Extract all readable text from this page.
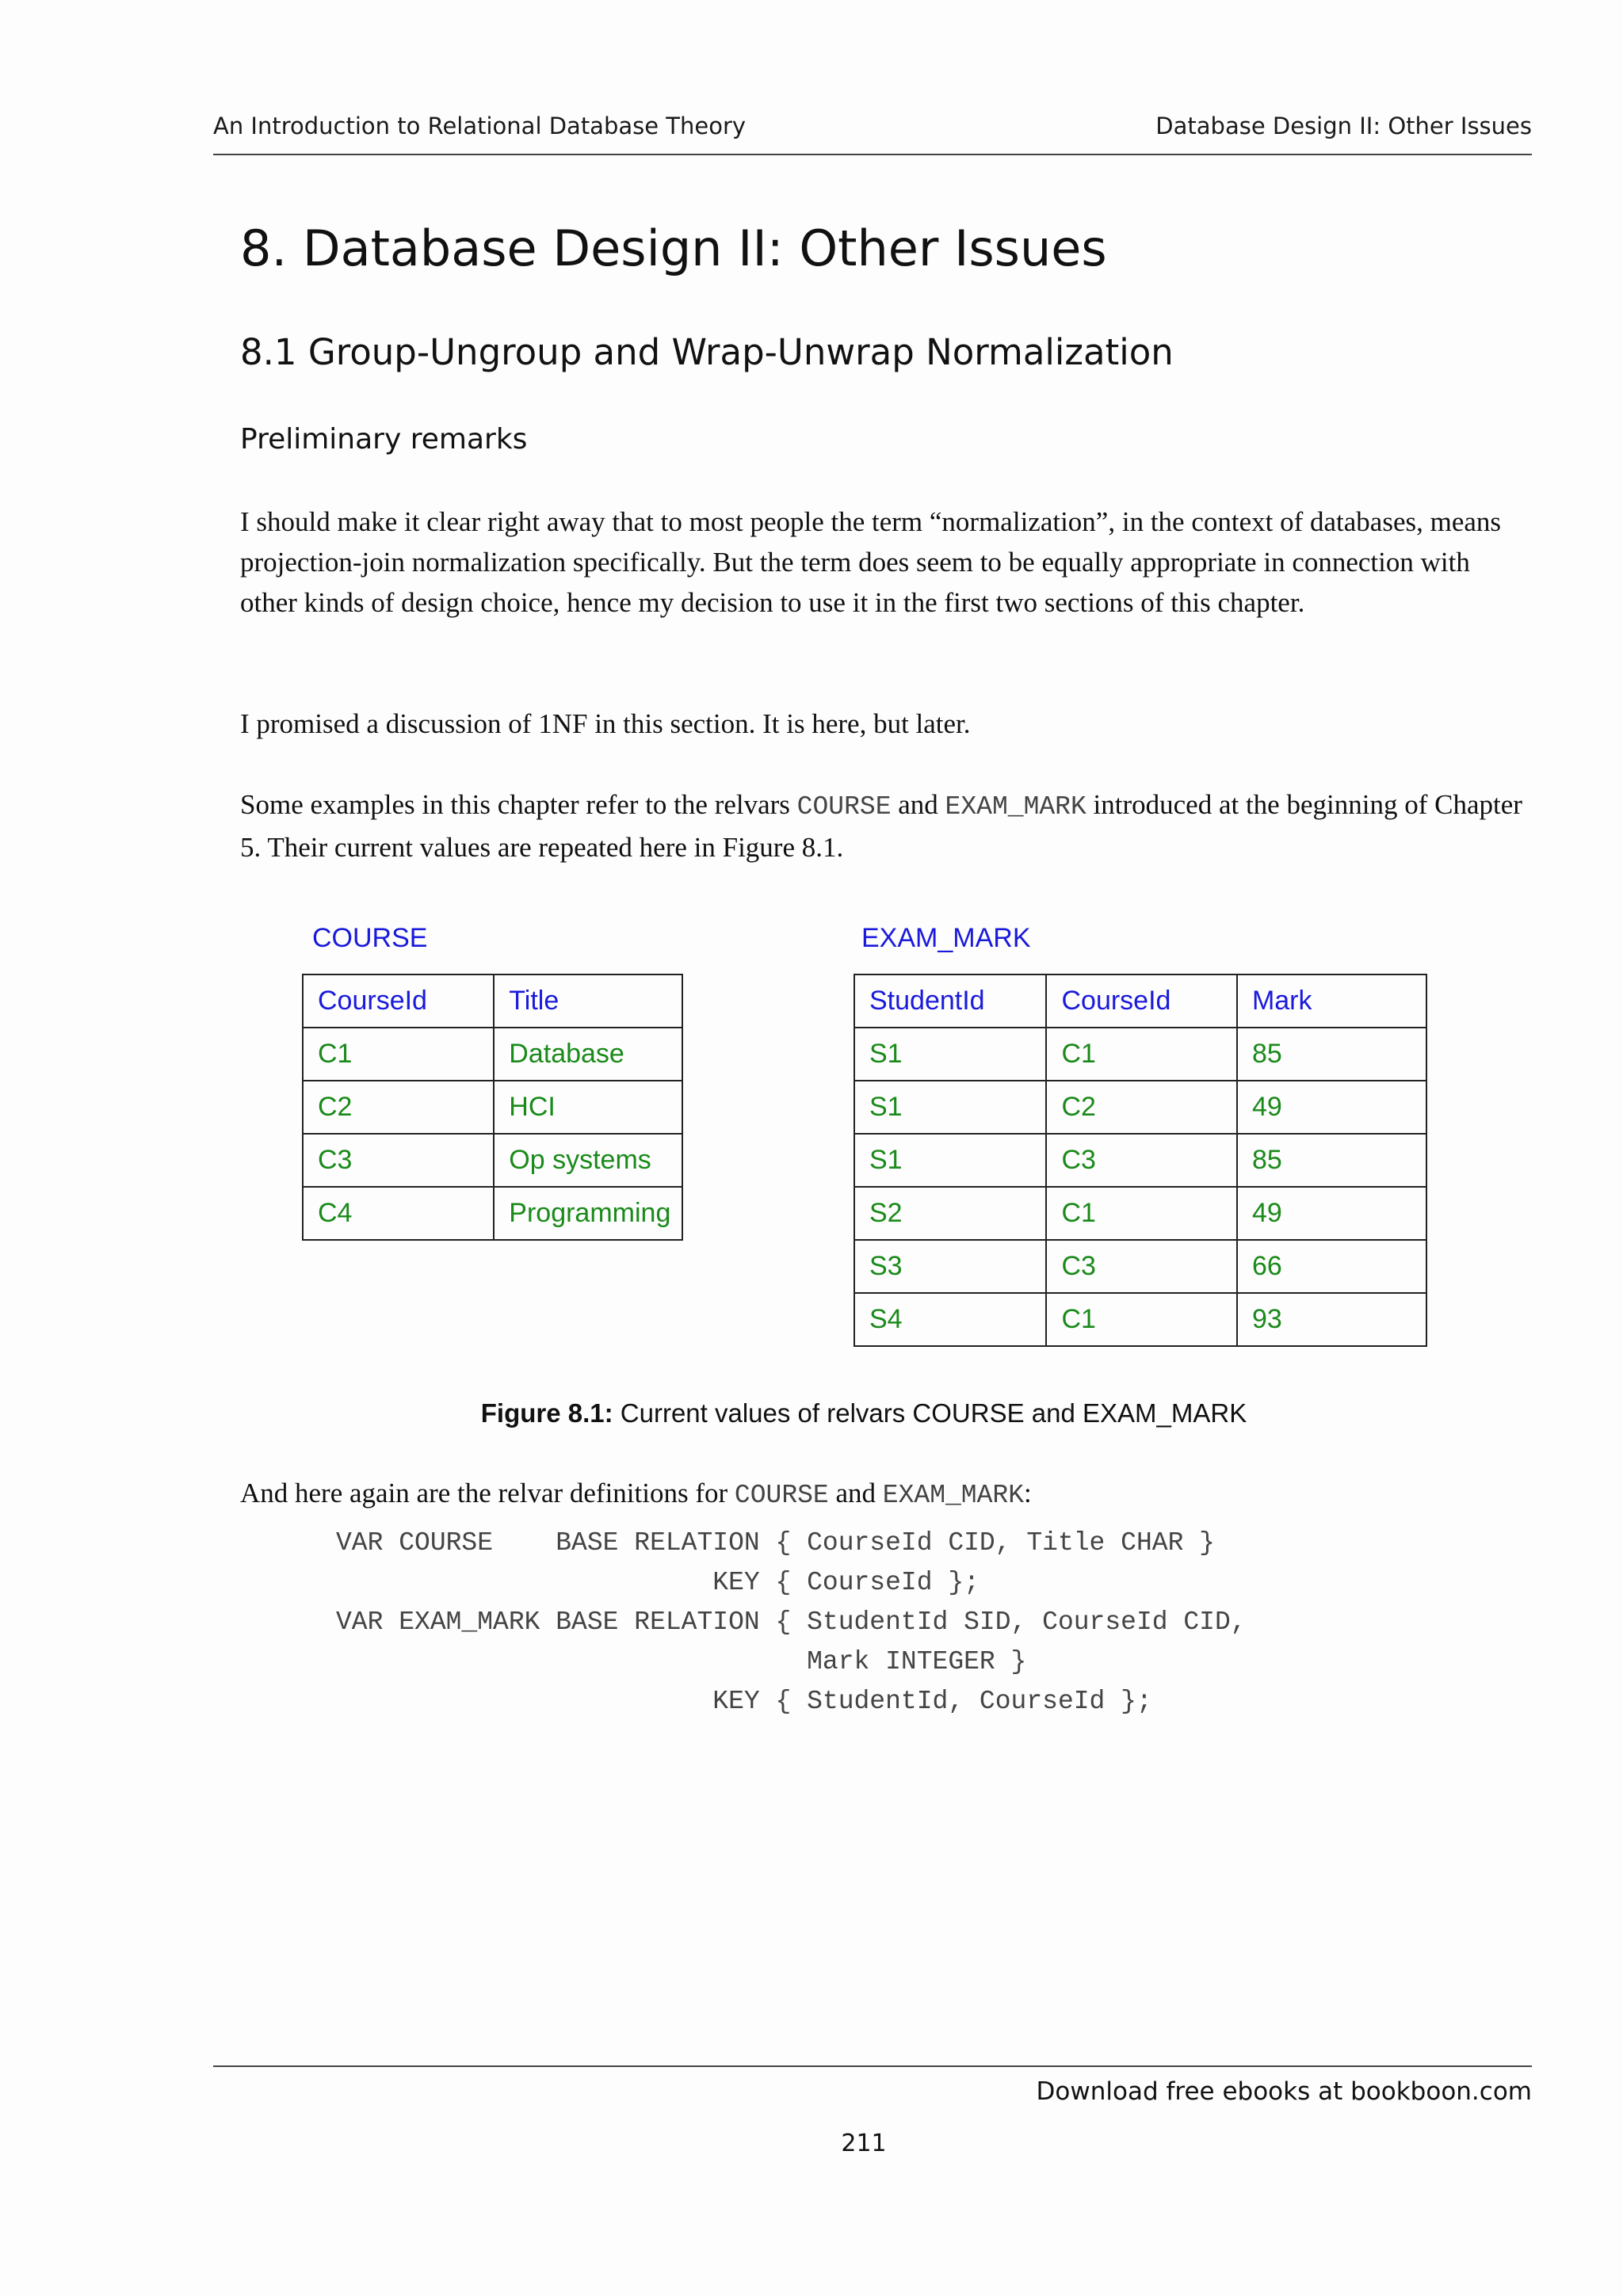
An Introduction to Relational Database Theory	Database Design II: Other Issues
8. Database Design II: Other Issues
8.1 Group-Ungroup and Wrap-Unwrap Normalization
Preliminary remarks

I should make it clear right away that to most people the term “normalization”, in the context of databases, means projection-join normalization specifically. But the term does seem to be equally appropriate in connection with other kinds of design choice, hence my decision to use it in the first two sections of this chapter.

I promised a discussion of 1NF in this section. It is here, but later.

Some examples in this chapter refer to the relvars COURSE and EXAM_MARK introduced at the beginning of Chapter 5. Their current values are repeated here in Figure 8.1.

COURSE
CourseId	Title
C1	Database
C2	HCI
C3	Op systems
C4	Programming
EXAM_MARK
StudentId	CourseId	Mark
S1	C1	85
S1	C2	49
S1	C3	85
S2	C1	49
S3	C3	66
S4	C1	93
Figure 8.1: Current values of relvars COURSE and EXAM_MARK

And here again are the relvar definitions for COURSE and EXAM_MARK:

VAR COURSE    BASE RELATION { CourseId CID, Title CHAR }
KEY { CourseId };
VAR EXAM_MARK BASE RELATION { StudentId SID, CourseId CID,
Mark INTEGER }
KEY { StudentId, CourseId };
Download free ebooks at bookboon.com
211
